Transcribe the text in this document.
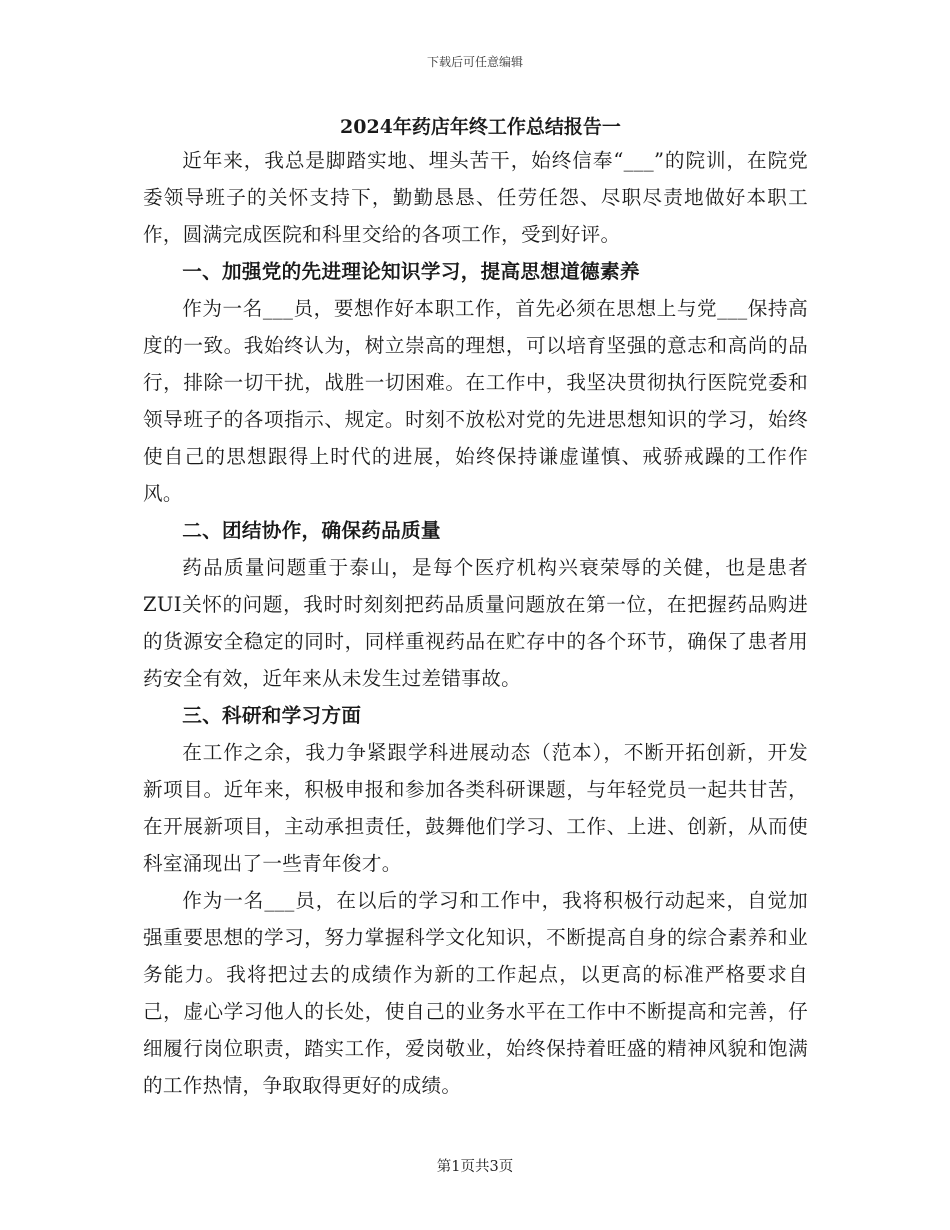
下载后可任意编辑
2024年药店年终工作总结报告一

近年来，我总是脚踏实地、埋头苦干，始终信奉“___”的院训，在院党委领导班子的关怀支持下，勤勤恳恳、任劳任怨、尽职尽责地做好本职工作，圆满完成医院和科里交给的各项工作，受到好评。

一、加强党的先进理论知识学习，提高思想道德素养

作为一名___员，要想作好本职工作，首先必须在思想上与党___保持高度的一致。我始终认为，树立崇高的理想，可以培育坚强的意志和高尚的品行，排除一切干扰，战胜一切困难。在工作中，我坚决贯彻执行医院党委和领导班子的各项指示、规定。时刻不放松对党的先进思想知识的学习，始终使自己的思想跟得上时代的进展，始终保持谦虚谨慎、戒骄戒躁的工作作风。

二、团结协作，确保药品质量

药品质量问题重于泰山，是每个医疗机构兴衰荣辱的关健，也是患者ZUI关怀的问题，我时时刻刻把药品质量问题放在第一位，在把握药品购进的货源安全稳定的同时，同样重视药品在贮存中的各个环节，确保了患者用药安全有效，近年来从未发生过差错事故。

三、科研和学习方面

在工作之余，我力争紧跟学科进展动态（范本），不断开拓创新，开发新项目。近年来，积极申报和参加各类科研课题，与年轻党员一起共甘苦，在开展新项目，主动承担责任，鼓舞他们学习、工作、上进、创新，从而使科室涌现出了一些青年俊才。

作为一名___员，在以后的学习和工作中，我将积极行动起来，自觉加强重要思想的学习，努力掌握科学文化知识，不断提高自身的综合素养和业务能力。我将把过去的成绩作为新的工作起点，以更高的标准严格要求自己，虚心学习他人的长处，使自己的业务水平在工作中不断提高和完善，仔细履行岗位职责，踏实工作，爱岗敬业，始终保持着旺盛的精神风貌和饱满的工作热情，争取取得更好的成绩。

第1页共3页
